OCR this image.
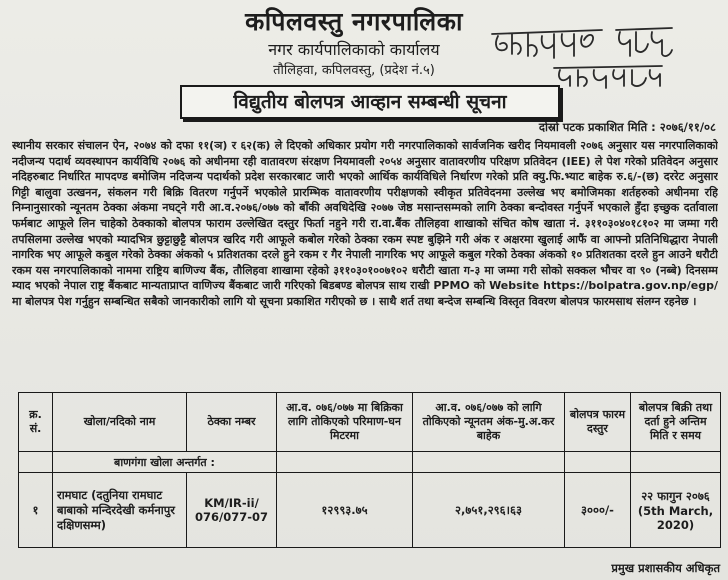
कपिलवस्तु नगरपालिका
नगर कार्यपालिकाको कार्यालय
तौलिहवा, कपिलवस्तु, (प्रदेश नं.५)
विद्युतीय बोलपत्र आव्हान सम्बन्धी सूचना
दोस्रो पटक प्रकाशित मिति : २०७६/११/०८
स्थानीय सरकार संचालन ऐन, २०७४ को दफा ११(ञ) र ६२(क) ले दिएको अधिकार प्रयोग गरी नगरपालिकाको सार्वजनिक खरीद नियमावली २०७६ अनुसार यस नगरपालिकाको नदीजन्य पदार्थ व्यवस्थापन कार्यविधि २०७६ को अधीनमा रही वातावरण संरक्षण नियमावली २०५४ अनुसार वातावरणीय परिक्षण प्रतिवेदन (IEE) ले पेश गरेको प्रतिवेदन अनुसार नदिहरुबाट निर्धारित मापदण्ड बमोजिम नदिजन्य पदार्थको प्रदेश सरकारबाट जारी भएको आर्थिक कार्यविधिले निर्धारण गरेको प्रति क्यु.फि.भ्याट बाहेक रु.६/-(छ) दररेट अनुसार गिट्टी बालुवा उत्खनन, संकलन गरी बिक्रि वितरण गर्नुपर्ने भएकोले प्रारम्भिक वातावरणीय परीक्षणको स्वीकृत प्रतिवेदनमा उल्लेख भए बमोजिमका शर्तहरुको अधीनमा रहि निम्नानुसारको न्यूनतम ठेक्का अंकमा नघट्ने गरी आ.व.२०७६/०७७ को बाँकी अवधिदेखि २०७७ जेष्ठ मसान्तसम्मको लागि ठेक्का बन्दोवस्त गर्नुपर्ने भएकाले हुँदा इच्छुक दर्तावाला फर्मबाट आफूले लिन चाहेको ठेक्काको बोलपत्र फाराम उल्लेखित दस्तुर फिर्ता नहुने गरी रा.वा.बैंक तौलिहवा शाखाको संचित कोष खाता नं. ३११०३०४०१८१०२ मा जम्मा गरी तपसिलमा उल्लेख भएको म्यादभित्र छुट्टाछुट्टै बोलपत्र खरिद गरी आफूले कबोल गरेको ठेक्का रकम स्पष्ट बुझिने गरी अंक र अक्षरमा खुलाई आफैं वा आफ्नो प्रतिनिधिद्धारा नेपाली नागरिक भए आफूले कबुल गरेको ठेक्का अंकको ५ प्रतिशतका दरले हुने रकम र गैर नेपाली नागरिक भए आफूले कबुल गरेको ठेक्का अंकको १० प्रतिशतका दरले हुन आउने धरौटी रकम यस नगरपालिकाको नाममा राष्ट्रिय बाणिज्य बैंक, तौलिहवा शाखामा रहेको ३११०३०१००७१०२ धरौटी खाता ग-३ मा जम्मा गरी सोको सक्कल भौचर वा ९० (नब्बे) दिनसम्म म्याद भएको नेपाल राष्ट्र बैंकबाट मान्यताप्राप्त वाणिज्य बैंकबाट जारी गरिएको बिडबण्ड बोलपत्र साथ राखी PPMO को Website https://bolpatra.gov.np/egp/ मा बोलपत्र पेश गर्नुहुन सम्बन्धित सबैको जानकारीको लागि यो सूचना प्रकाशित गरीएको छ । साथै शर्त तथा बन्देज सम्बन्धि विस्तृत विवरण बोलपत्र फारमसाथ संलग्न रहनेछ ।
क्र. सं.	खोला/नदिको नाम	ठेक्का नम्बर	आ.व. ०७६/०७७ मा बिक्रिका लागि तोकिएको परिमाण-घन मिटरमा	आ.व. ०७६/०७७ को लागि तोकिएको न्यूनतम अंक-मु.अ.कर बाहेक	बोलपत्र फारम दस्तुर	बोलपत्र बिक्री तथा दर्ता हुने अन्तिम मिति र समय
	बाणगंगा खोला अन्तर्गत :					
१	रामघाट (दतुनिया रामघाट बाबाको मन्दिरदेखी कर्मनापुर दक्षिणसम्म)	KM/IR-ii/ 076/077-07	१२९९३.७५	२,७५१,२९६।६३	३०००/-	२२ फागुन २०७६
(5th March, 2020)
प्रमुख प्रशासकीय अधिकृत
